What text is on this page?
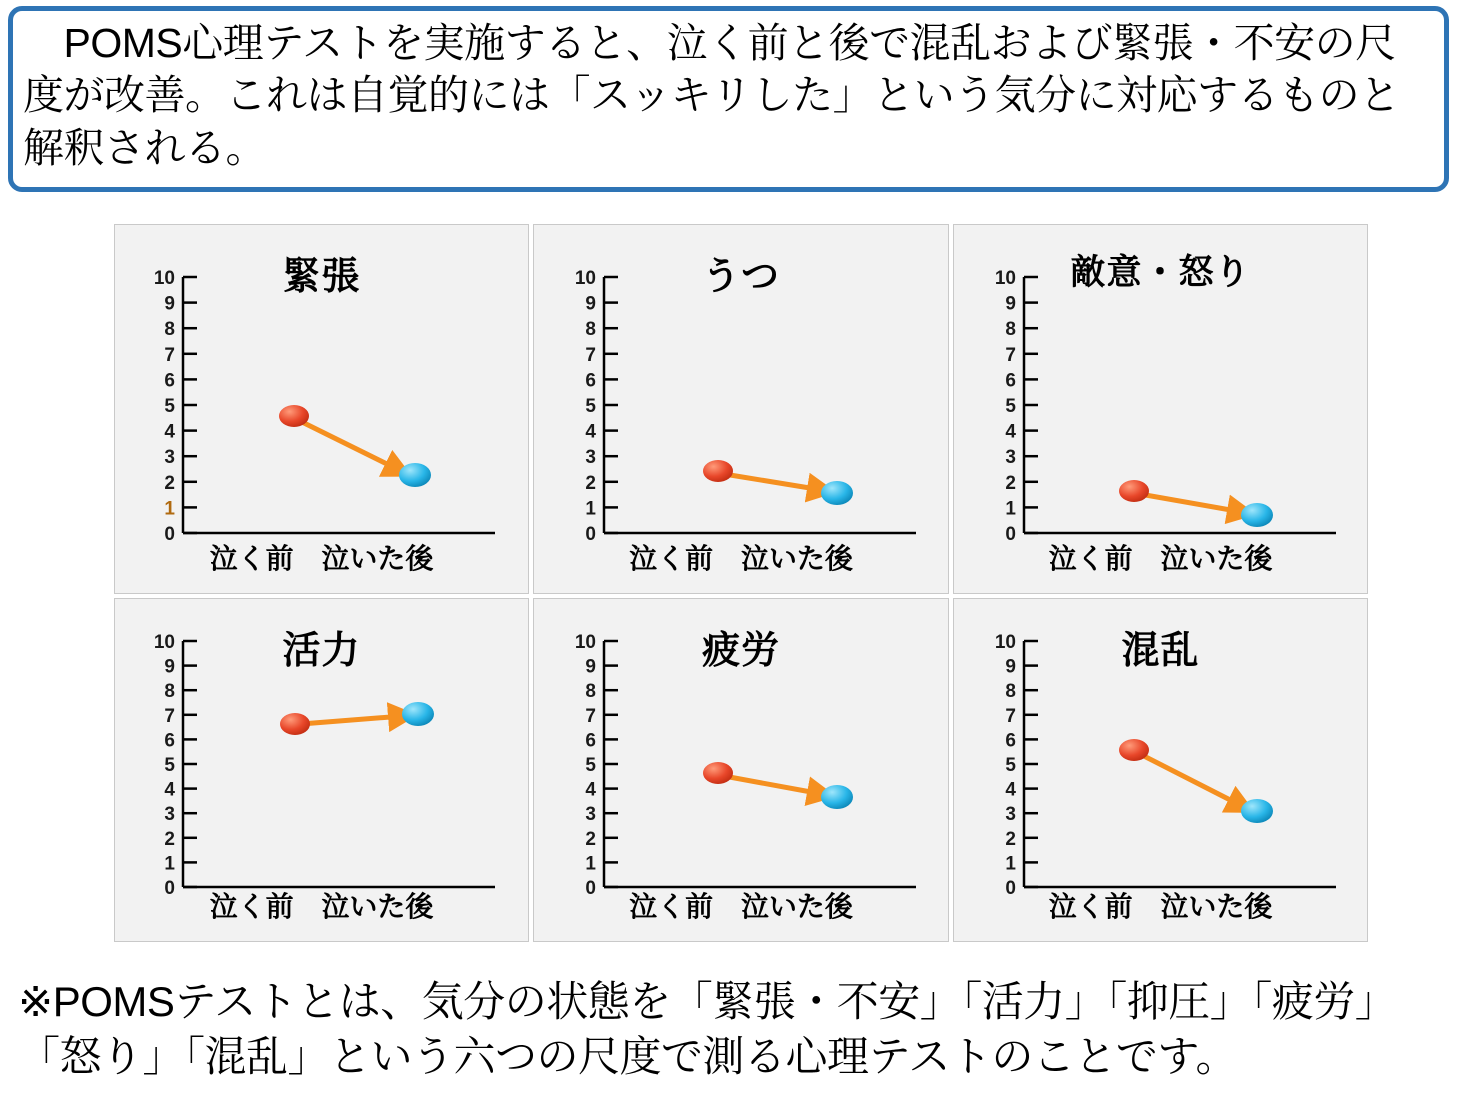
　POMS心理テストを実施すると、泣く前と後で混乱および緊張・不安の尺度が改善。これは自覚的には「スッキリした」という気分に対応するものと解釈される。

緊張
10
9
8
7
6
5
4
3
2
1
0
泣く前 泣いた後
うつ
10
9
8
7
6
5
4
3
2
1
0
泣く前 泣いた後
敵意・怒り
10
9
8
7
6
5
4
3
2
1
0
泣く前 泣いた後
活力
10
9
8
7
6
5
4
3
2
1
0
泣く前 泣いた後
疲労
10
9
8
7
6
5
4
3
2
1
0
泣く前 泣いた後
混乱
10
9
8
7
6
5
4
3
2
1
0
泣く前 泣いた後

※POMSテストとは、気分の状態を「緊張・不安」「活力」「抑圧」「疲労」「怒り」「混乱」という六つの尺度で測る心理テストのことです。
